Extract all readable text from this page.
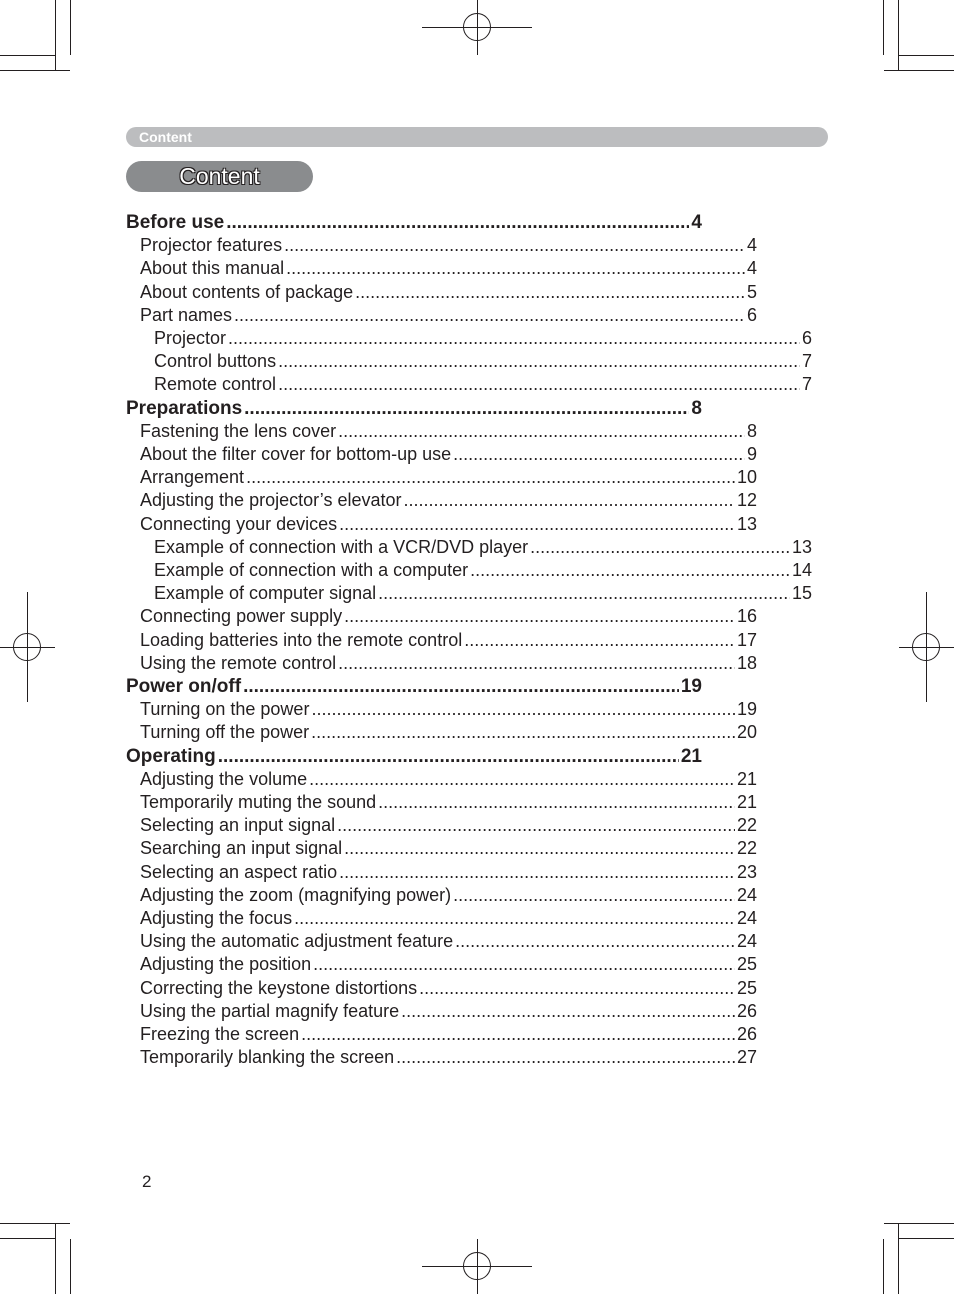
Content
Content
Before use .....	4
Projector features .....	4
About this manual .....	4
About contents of package .....	5
Part names .....	6
Projector .....	6
Control buttons .....	7
Remote control .....	7
Preparations .....	8
Fastening the lens cover .....	8
About the filter cover for bottom-up use .....	9
Arrangement .....	10
Adjusting the projector’s elevator .....	12
Connecting your devices .....	13
Example of connection with a VCR/DVD player .....	13
Example of connection with a computer .....	14
Example of computer signal .....	15
Connecting power supply .....	16
Loading batteries into the remote control .....	17
Using the remote control .....	18
Power on/off .....	19
Turning on the power .....	19
Turning off the power .....	20
Operating .....	21
Adjusting the volume .....	21
Temporarily muting the sound .....	21
Selecting an input signal .....	22
Searching an input signal .....	22
Selecting an aspect ratio .....	23
Adjusting the zoom (magnifying power) .....	24
Adjusting the focus .....	24
Using the automatic adjustment feature .....	24
Adjusting the position .....	25
Correcting the keystone distortions .....	25
Using the partial magnify feature .....	26
Freezing the screen .....	26
Temporarily blanking the screen .....	27
2
